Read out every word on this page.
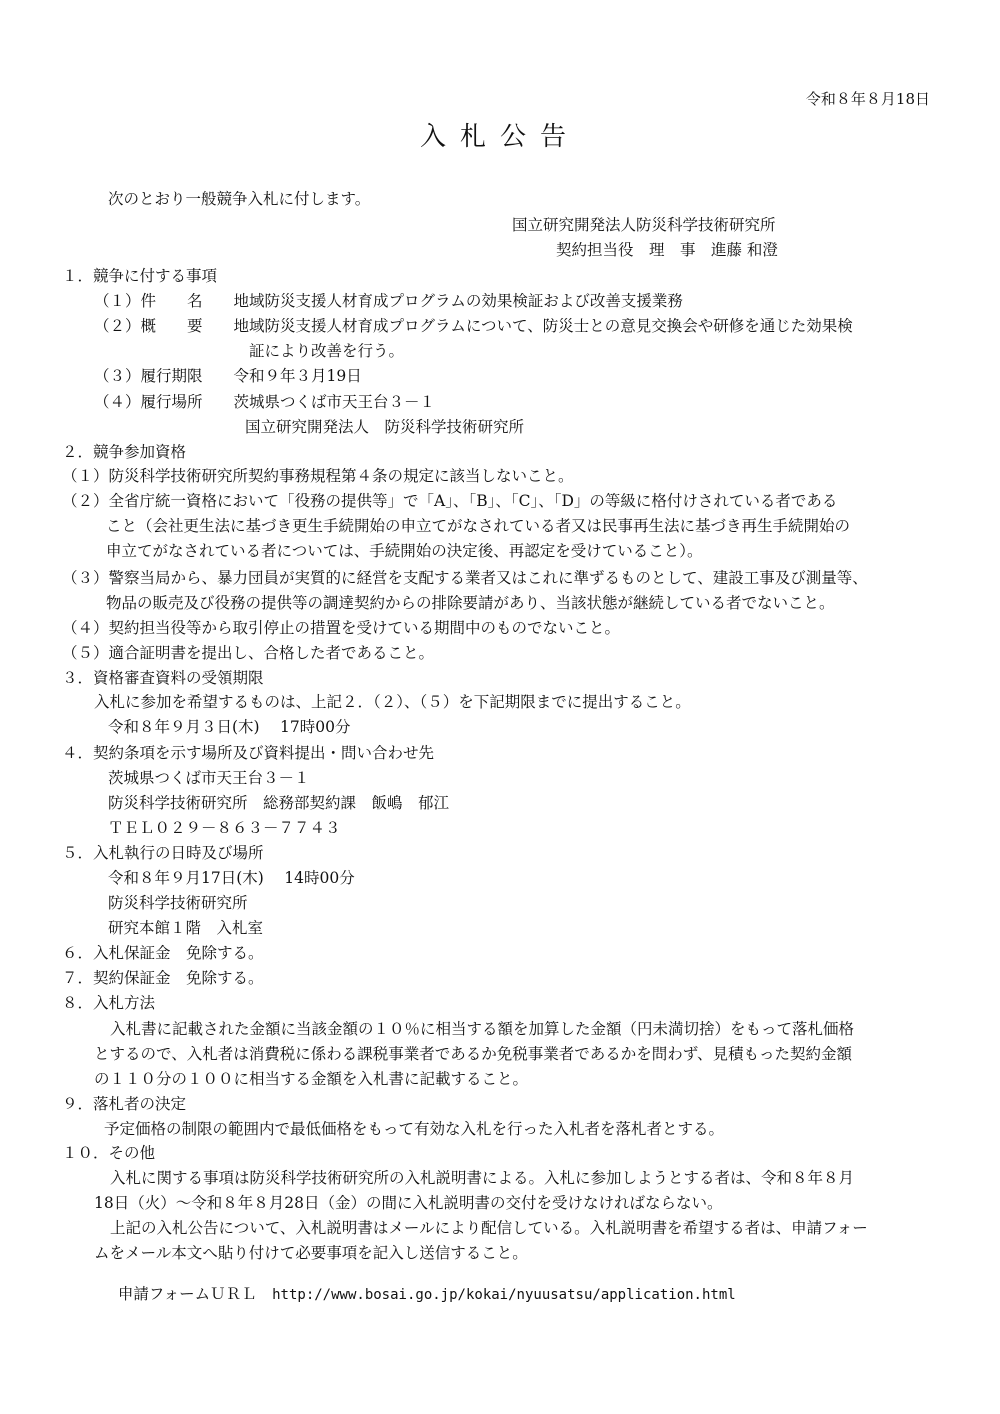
令和８年８月18日
入札公告
次のとおり一般競争入札に付します。
国立研究開発法人防災科学技術研究所
契約担当役　理　事　進藤 和澄
１．競争に付する事項
（１）件　　名　　地域防災支援人材育成プログラムの効果検証および改善支援業務
（２）概　　要　　地域防災支援人材育成プログラムについて、防災士との意見交換会や研修を通じた効果検
証により改善を行う。
（３）履行期限　　令和９年３月19日
（４）履行場所　　茨城県つくば市天王台３－１
国立研究開発法人　防災科学技術研究所
２．競争参加資格
（１）防災科学技術研究所契約事務規程第４条の規定に該当しないこと。
（２）全省庁統一資格において「役務の提供等」で「A」、「B」、「C」、「D」の等級に格付けされている者である
こと（会社更生法に基づき更生手続開始の申立てがなされている者又は民事再生法に基づき再生手続開始の
申立てがなされている者については、手続開始の決定後、再認定を受けていること）。
（３）警察当局から、暴力団員が実質的に経営を支配する業者又はこれに準ずるものとして、建設工事及び測量等、
物品の販売及び役務の提供等の調達契約からの排除要請があり、当該状態が継続している者でないこと。
（４）契約担当役等から取引停止の措置を受けている期間中のものでないこと。
（５）適合証明書を提出し、合格した者であること。
３．資格審査資料の受領期限
入札に参加を希望するものは、上記２．（２）、（５）を下記期限までに提出すること。
令和８年９月３日(木)　 17時00分
４．契約条項を示す場所及び資料提出・問い合わせ先
茨城県つくば市天王台３－１
防災科学技術研究所　総務部契約課　飯嶋　郁江
ＴＥＬ０２９－８６３－７７４３
５．入札執行の日時及び場所
令和８年９月17日(木)　 14時00分
防災科学技術研究所
研究本館１階　入札室
６．入札保証金　免除する。
７．契約保証金　免除する。
８．入札方法
入札書に記載された金額に当該金額の１０％に相当する額を加算した金額（円未満切捨）をもって落札価格
とするので、入札者は消費税に係わる課税事業者であるか免税事業者であるかを問わず、見積もった契約金額
の１１０分の１００に相当する金額を入札書に記載すること。
９．落札者の決定
予定価格の制限の範囲内で最低価格をもって有効な入札を行った入札者を落札者とする。
１０．その他
入札に関する事項は防災科学技術研究所の入札説明書による。入札に参加しようとする者は、令和８年８月
18日（火）～令和８年８月28日（金）の間に入札説明書の交付を受けなければならない。
上記の入札公告について、入札説明書はメールにより配信している。入札説明書を希望する者は、申請フォー
ムをメール本文へ貼り付けて必要事項を記入し送信すること。

申請フォームＵＲＬ　 http://www.bosai.go.jp/kokai/nyuusatsu/application.html
